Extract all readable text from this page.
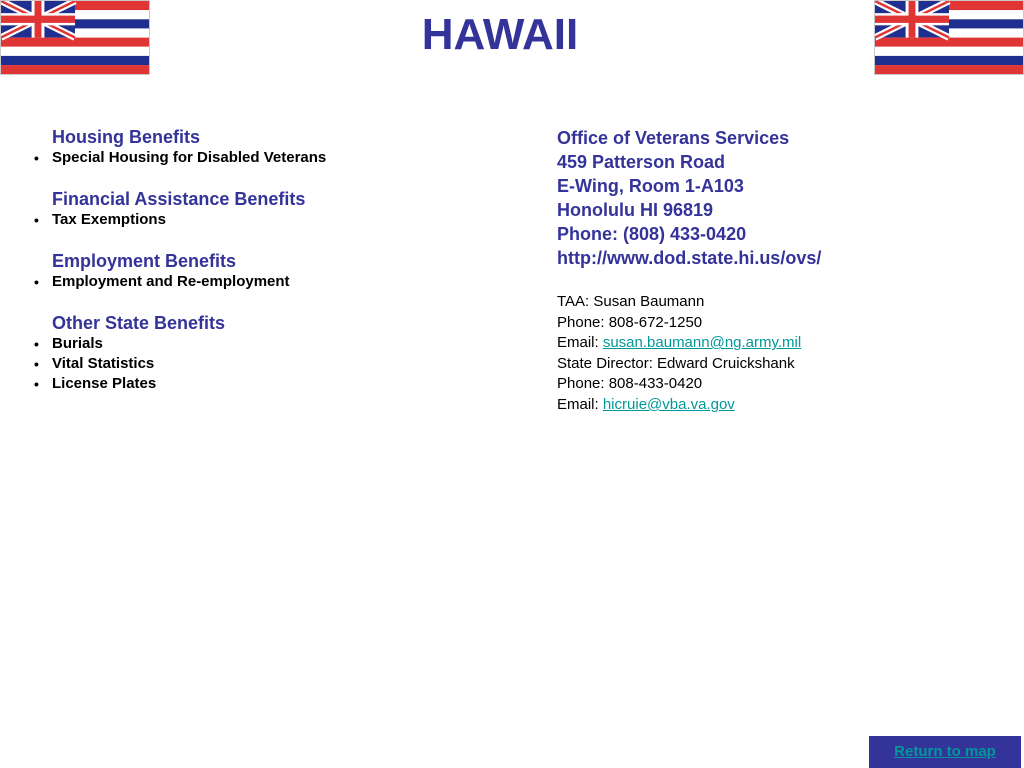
HAWAII
Housing Benefits
• Special Housing for Disabled Veterans
Financial Assistance Benefits
• Tax Exemptions
Employment Benefits
• Employment and Re-employment
Other State Benefits
• Burials
• Vital Statistics
• License Plates
Office of Veterans Services
459 Patterson Road
E-Wing, Room 1-A103
Honolulu HI 96819
Phone: (808) 433-0420
http://www.dod.state.hi.us/ovs/
TAA: Susan Baumann
Phone: 808-672-1250
Email: susan.baumann@ng.army.mil
State Director: Edward Cruickshank
Phone: 808-433-0420
Email: hicruie@vba.va.gov
Return to map
